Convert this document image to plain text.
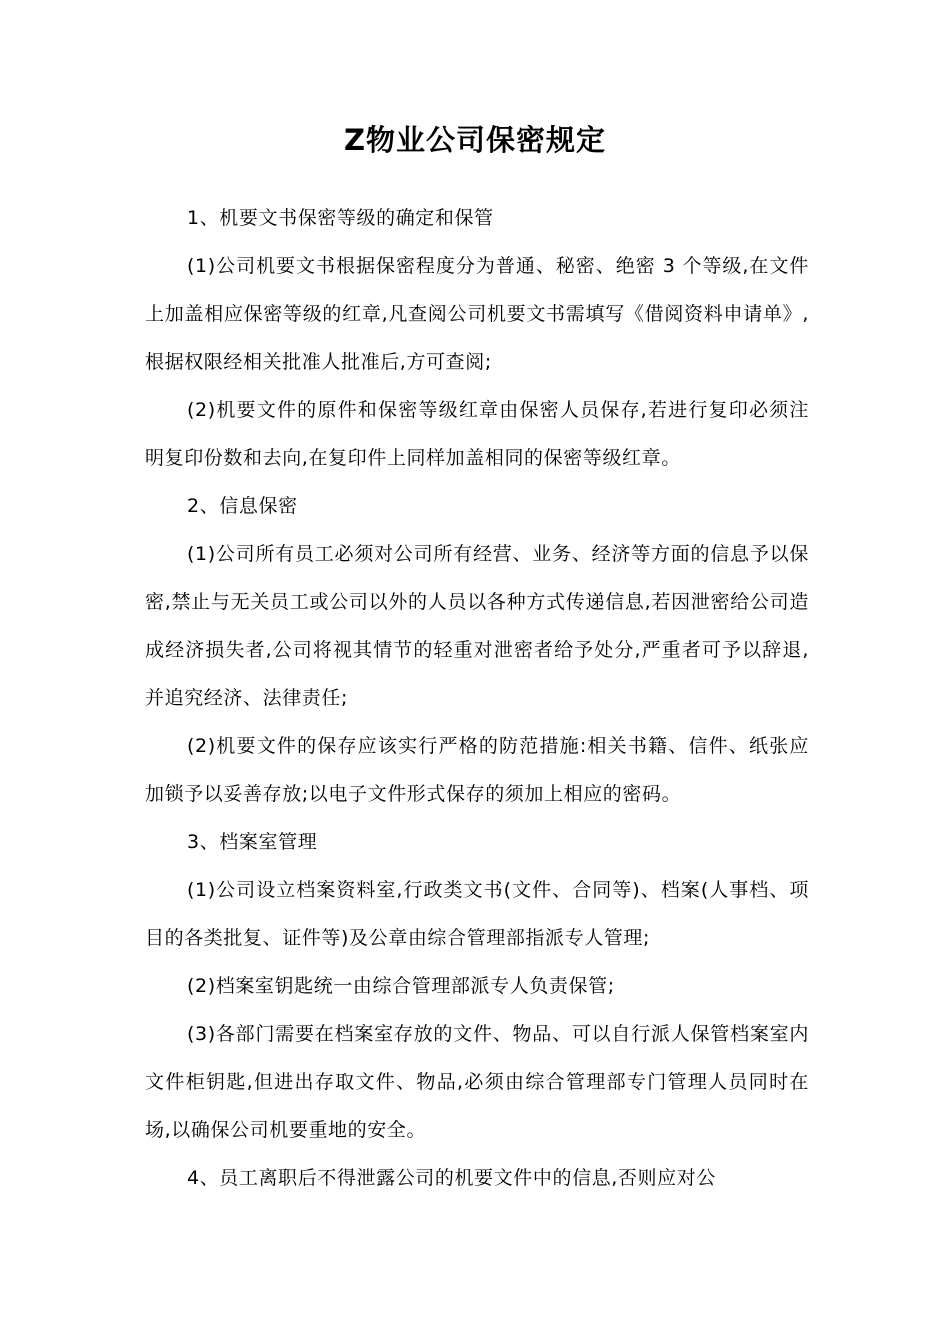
Z物业公司保密规定

1、机要文书保密等级的确定和保管

(1)公司机要文书根据保密程度分为普通、秘密、绝密 3 个等级,在文件上加盖相应保密等级的红章,凡查阅公司机要文书需填写《借阅资料申请单》,根据权限经相关批准人批准后,方可查阅;

(2)机要文件的原件和保密等级红章由保密人员保存,若进行复印必须注明复印份数和去向,在复印件上同样加盖相同的保密等级红章。

2、信息保密

(1)公司所有员工必须对公司所有经营、业务、经济等方面的信息予以保密,禁止与无关员工或公司以外的人员以各种方式传递信息,若因泄密给公司造成经济损失者,公司将视其情节的轻重对泄密者给予处分,严重者可予以辞退,并追究经济、法律责任;

(2)机要文件的保存应该实行严格的防范措施:相关书籍、信件、纸张应加锁予以妥善存放;以电子文件形式保存的须加上相应的密码。

3、档案室管理

(1)公司设立档案资料室,行政类文书(文件、合同等)、档案(人事档、项目的各类批复、证件等)及公章由综合管理部指派专人管理;

(2)档案室钥匙统一由综合管理部派专人负责保管;

(3)各部门需要在档案室存放的文件、物品、可以自行派人保管档案室内文件柜钥匙,但进出存取文件、物品,必须由综合管理部专门管理人员同时在场,以确保公司机要重地的安全。

4、员工离职后不得泄露公司的机要文件中的信息,否则应对公
